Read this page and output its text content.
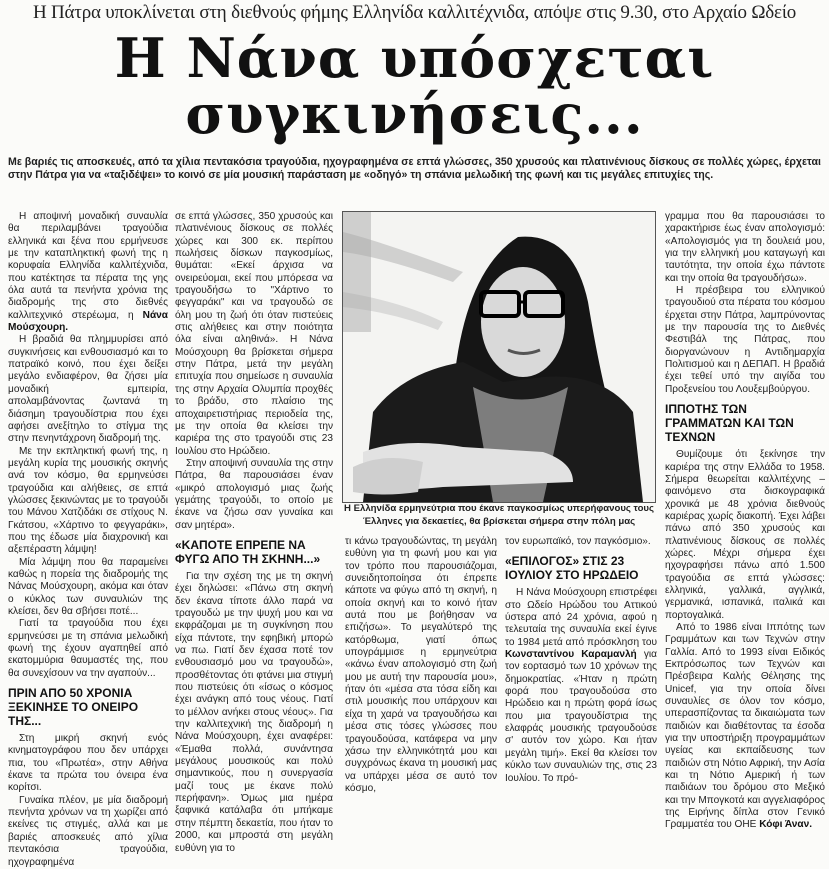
Η Πάτρα υποκλίνεται στη διεθνούς φήμης Ελληνίδα καλλιτέχνιδα, απόψε στις 9.30, στο Αρχαίο Ωδείο
Η Νάνα υπόσχεται
συγκινήσεις...
Με βαριές τις αποσκευές, από τα χίλια πεντακόσια τραγούδια, ηχογραφημένα σε επτά γλώσσες, 350 χρυσούς και πλατινένιους δίσκους σε πολλές χώρες, έρχεται στην Πάτρα για να «ταξιδέψει» το κοινό σε μία μουσική παράσταση με «οδηγό» τη σπάνια μελωδική της φωνή και τις μεγάλες επιτυχίες της.

Η αποψινή μοναδική συναυλία θα περιλαμβάνει τραγούδια ελληνικά και ξένα που ερμήνευσε με την καταπληκτική φωνή της η κορυφαία Ελληνίδα καλλιτέχνιδα, που κατέκτησε τα πέρατα της γης όλα αυτά τα πενήντα χρόνια της διαδρομής της στο διεθνές καλλιτεχνικό στερέωμα, η Νάνα Μούσχουρη.

Η βραδιά θα πλημμυρίσει από συγκινήσεις και ενθουσιασμό και το πατραϊκό κοινό, που έχει δείξει μεγάλο ενδιαφέρον, θα ζήσει μία μοναδική εμπειρία, απολαμβάνοντας ζωντανά τη διάσημη τραγουδίστρια που έχει αφήσει ανεξίτηλο το στίγμα της στην πενηντάχρονη διαδρομή της.

Με την εκπληκτική φωνή της, η μεγάλη κυρία της μουσικής σκηνής ανά τον κόσμο, θα ερμηνεύσει τραγούδια και αλήθειες, σε επτά γλώσσες ξεκινώντας με το τραγούδι του Μάνου Χατζιδάκι σε στίχους Ν. Γκάτσου, «Χάρτινο το φεγγαράκι», που της έδωσε μία διαχρονική και αξεπέραστη λάμψη!

Μία λάμψη που θα παραμείνει καθώς η πορεία της διαδρομής της Νάνας Μούσχουρη, ακόμα και όταν ο κύκλος των συναυλιών της κλείσει, δεν θα σβήσει ποτέ...

Γιατί τα τραγούδια που έχει ερμηνεύσει με τη σπάνια μελωδική φωνή της έχουν αγαπηθεί από εκατομμύρια θαυμαστές της, που θα συνεχίσουν να την αγαπούν...

ΠΡΙΝ ΑΠΟ 50 ΧΡΟΝΙΑ ΞΕΚΙΝΗΣΕ ΤΟ ΟΝΕΙΡΟ ΤΗΣ...

Στη μικρή σκηνή ενός κινηματογράφου που δεν υπάρχει πια, του «Πρωτέα», στην Αθήνα έκανε τα πρώτα του όνειρα ένα κορίτσι.

Γυναίκα πλέον, με μία διαδρομή πενήντα χρόνων να τη χωρίζει από εκείνες τις στιγμές, αλλά και με βαριές αποσκευές από χίλια πεντακόσια τραγούδια, ηχογραφημένα

σε επτά γλώσσες, 350 χρυσούς και πλατινένιους δίσκους σε πολλές χώρες και 300 εκ. περίπου πωλήσεις δίσκων παγκοσμίως, θυμάται: «Εκεί άρχισα να ονειρεύομαι, εκεί που μπόρεσα να τραγουδήσω το "Χάρτινο το φεγγαράκι" και να τραγουδώ σε όλη μου τη ζωή ότι όταν πιστεύεις στις αλήθειες και στην ποιότητα όλα είναι αληθινά». Η Νάνα Μούσχουρη θα βρίσκεται σήμερα στην Πάτρα, μετά την μεγάλη επιτυχία που σημείωσε η συναυλία της στην Αρχαία Ολυμπία προχθές το βράδυ, στο πλαίσιο της αποχαιρετιστήριας περιοδεία της, με την οποία θα κλείσει την καριέρα της στο τραγούδι στις 23 Ιουλίου στο Ηρώδειο.

Στην αποψινή συναυλία της στην Πάτρα, θα παρουσιάσει έναν «μικρό απολογισμό μιας ζωής γεμάτης τραγούδι, το οποίο με έκανε να ζήσω σαν γυναίκα και σαν μητέρα».

«ΚΑΠΟΤΕ ΕΠΡΕΠΕ ΝΑ ΦΥΓΩ ΑΠΟ ΤΗ ΣΚΗΝΗ...»

Για την σχέση της με τη σκηνή έχει δηλώσει: «Πάνω στη σκηνή δεν έκανα τίποτε άλλο παρά να τραγουδώ με την ψυχή μου και να εκφράζομαι με τη συγκίνηση που είχα πάντοτε, την εφηβική μπορώ να πω. Γιατί δεν έχασα ποτέ τον ενθουσιασμό μου να τραγουδώ», προσθέτοντας ότι φτάνει μια στιγμή που πιστεύεις ότι «ίσως ο κόσμος έχει ανάγκη από τους νέους. Γιατί το μέλλον ανήκει στους νέους». Για την καλλιτεχνική της διαδρομή η Νάνα Μούσχουρη, έχει αναφέρει: «Έμαθα πολλά, συνάντησα μεγάλους μουσικούς και πολύ σημαντικούς, που η συνεργασία μαζί τους με έκανε πολύ περήφανη». Όμως μια ημέρα ξαφνικά κατάλαβα ότι μπήκαμε στην πέμπτη δεκαετία, που ήταν το 2000, και μπροστά στη μεγάλη ευθύνη για το

Η Ελληνίδα ερμηνεύτρια που έκανε παγκοσμίως υπερήφανους τους Έλληνες για δεκαετίες, θα βρίσκεται σήμερα στην πόλη μας

τι κάνω τραγουδώντας, τη μεγάλη ευθύνη για τη φωνή μου και για τον τρόπο που παρουσιάζομαι, συνειδητοποίησα ότι έπρεπε κάποτε να φύγω από τη σκηνή, η οποία σκηνή και το κοινό ήταν αυτά που με βοήθησαν να επιζήσω». Το μεγαλύτερό της κατόρθωμα, γιατί όπως υπογράμμισε η ερμηνεύτρια «κάνω έναν απολογισμό στη ζωή μου με αυτή την παρουσία μου», ήταν ότι «μέσα στα τόσα είδη και στιλ μουσικής που υπάρχουν και είχα τη χαρά να τραγουδήσω και μέσα στις τόσες γλώσσες που τραγουδούσα, κατάφερα να μην χάσω την ελληνικότητά μου και συγχρόνως έκανα τη μουσική μας να υπάρχει μέσα σε αυτό τον κόσμο,

τον ευρωπαϊκό, τον παγκόσμιο».

«ΕΠΙΛΟΓΟΣ» ΣΤΙΣ 23 ΙΟΥΛΙΟΥ ΣΤΟ ΗΡΩΔΕΙΟ

Η Νάνα Μούσχουρη επιστρέφει στο Ωδείο Ηρώδου του Αττικού ύστερα από 24 χρόνια, αφού η τελευταία της συναυλία εκεί έγινε το 1984 μετά από πρόσκληση του Κωνσταντίνου Καραμανλή για τον εορτασμό των 10 χρόνων της δημοκρατίας. «Ήταν η πρώτη φορά που τραγουδούσα στο Ηρώδειο και η πρώτη φορά ίσως που μια τραγουδίστρια της ελαφράς μουσικής τραγουδούσε σ' αυτόν τον χώρο. Και ήταν μεγάλη τιμή». Εκεί θα κλείσει τον κύκλο των συναυλιών της, στις 23 Ιουλίου. Το πρό-

γραμμα που θα παρουσιάσει το χαρακτήρισε έως έναν απολογισμό: «Απολογισμός για τη δουλειά μου, για την ελληνική μου καταγωγή και ταυτότητα, την οποία έχω πάντοτε και την οποία θα τραγουδήσω».

Η πρέσβειρα του ελληνικού τραγουδιού στα πέρατα του κόσμου έρχεται στην Πάτρα, λαμπρύνοντας με την παρουσία της το Διεθνές Φεστιβάλ της Πάτρας, που διοργανώνουν η Αντιδημαρχία Πολιτισμού και η ΔΕΠΑΠ. Η βραδιά έχει τεθεί υπό την αιγίδα του Προξενείου του Λουξεμβούργου.

ΙΠΠΟΤΗΣ ΤΩΝ ΓΡΑΜΜΑΤΩΝ ΚΑΙ ΤΩΝ ΤΕΧΝΩΝ

Θυμίζουμε ότι ξεκίνησε την καριέρα της στην Ελλάδα το 1958. Σήμερα θεωρείται καλλιτέχνης – φαινόμενο στα δισκογραφικά χρονικά με 48 χρόνια διεθνούς καριέρας χωρίς διακοπή. Έχει λάβει πάνω από 350 χρυσούς και πλατινένιους δίσκους σε πολλές χώρες. Μέχρι σήμερα έχει ηχογραφήσει πάνω από 1.500 τραγούδια σε επτά γλώσσες: ελληνικά, γαλλικά, αγγλικά, γερμανικά, ισπανικά, ιταλικά και πορτογαλικά.

Από το 1986 είναι Ιππότης των Γραμμάτων και των Τεχνών στην Γαλλία. Από το 1993 είναι Ειδικός Εκπρόσωπος των Τεχνών και Πρέσβειρα Καλής Θέλησης της Unicef, για την οποία δίνει συναυλίες σε όλον τον κόσμο, υπερασπίζοντας τα δικαιώματα των παιδιών και διαθέτοντας τα έσοδα για την υποστήριξη προγραμμάτων υγείας και εκπαίδευσης των παιδιών στη Νότιο Αφρική, την Ασία και τη Νότιο Αμερική ή των παιδιάων του δρόμου στο Μεξικό και την Μπογκοτά και αγγελιαφόρος της Ειρήνης δίπλα στον Γενικό Γραμματέα του ΟΗΕ Κόφι Άναν.
